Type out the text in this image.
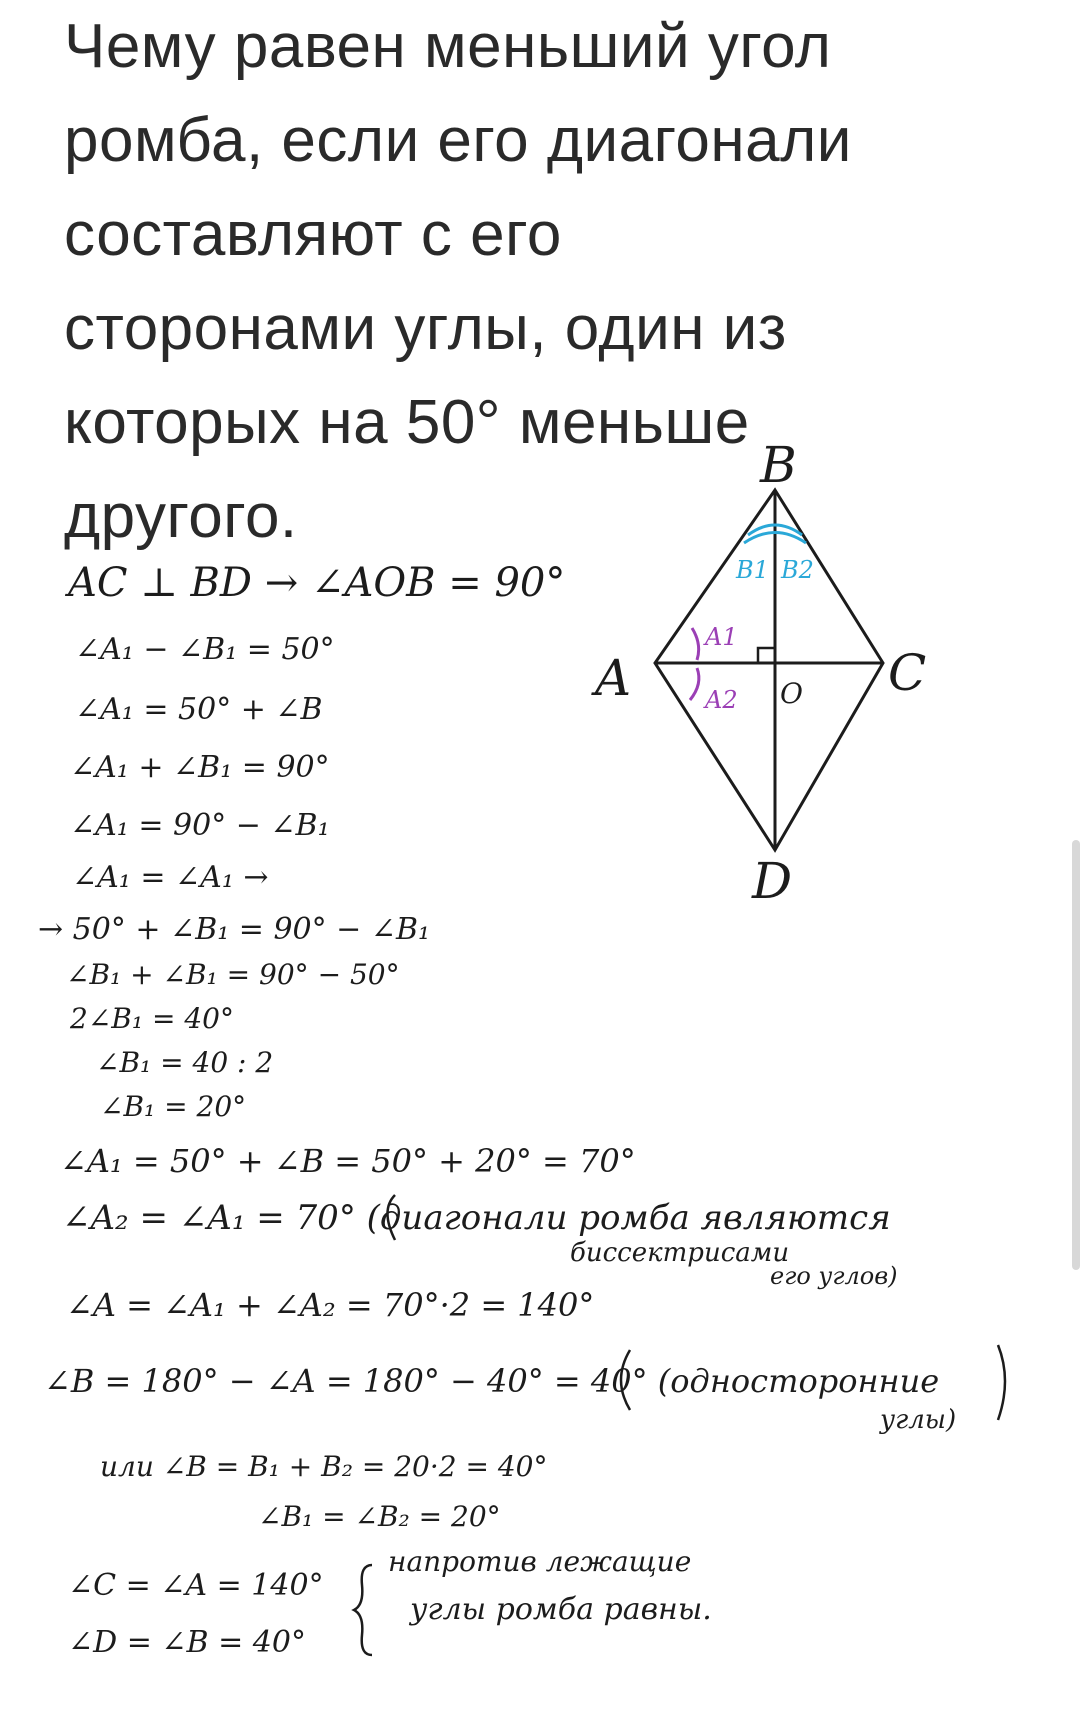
Чему равен меньший угол
ромба, если его диагонали
составляют с его
сторонами углы, один из
которых на 50° меньше
другого.
B
A	C
D
O
B1 B2
A1
A2
AC ⊥ BD → ∠AOB = 90°
∠A₁ − ∠B₁ = 50°
∠A₁ = 50° + ∠B
∠A₁ + ∠B₁ = 90°
∠A₁ = 90° − ∠B₁
∠A₁ = ∠A₁ →
→ 50° + ∠B₁ = 90° − ∠B₁
∠B₁ + ∠B₁ = 90° − 50°
2∠B₁ = 40°
∠B₁ = 40 : 2
∠B₁ = 20°
∠A₁ = 50° + ∠B = 50° + 20° = 70°
∠A₂ = ∠A₁ = 70° (диагонали ромба являются
биссектрисами
его углов)
∠A = ∠A₁ + ∠A₂ = 70°·2 = 140°
∠B = 180° − ∠A = 180° − 40° = 40° (односторонние
углы)
или ∠B = B₁ + B₂ = 20·2 = 40°
∠B₁ = ∠B₂ = 20°
∠C = ∠A = 140°
∠D = ∠B = 40°
напротив лежащие
углы ромба равны.
